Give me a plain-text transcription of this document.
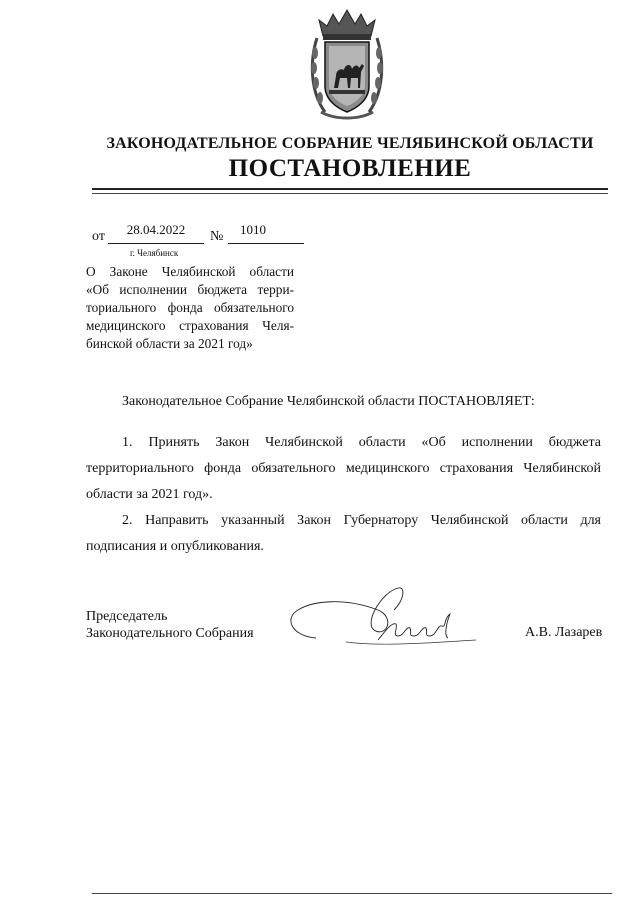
ЗАКОНОДАТЕЛЬНОЕ СОБРАНИЕ ЧЕЛЯБИНСКОЙ ОБЛАСТИ
ПОСТАНОВЛЕНИЕ
от	28.04.2022	№	1010
г. Челябинск
О Законе Челябинской области
«Об исполнении бюджета терри-
ториального фонда обязательного
медицинского страхования Челя-
бинской области за 2021 год»
Законодательное Собрание Челябинской области ПОСТАНОВЛЯЕТ:
1. Принять Закон Челябинской области «Об исполнении бюджета территориального фонда обязательного медицинского страхования Челябинской области за 2021 год».
2. Направить указанный Закон Губернатору Челябинской области для подписания и опубликования.
Председатель
Законодательного Собрания	А.В. Лазарев
